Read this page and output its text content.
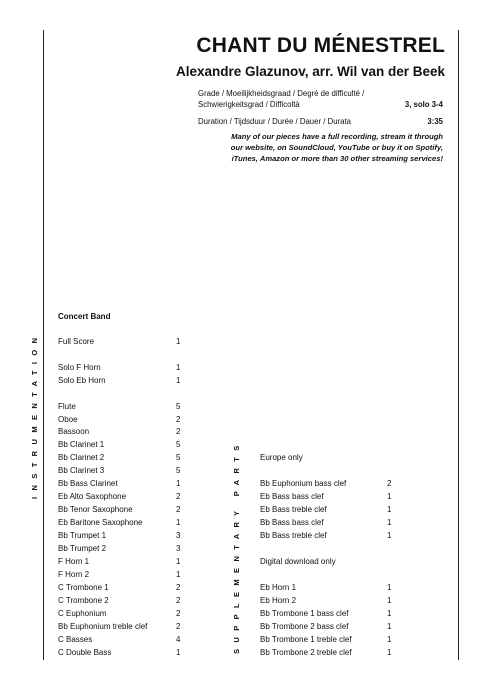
CHANT DU MÉNESTREL
Alexandre Glazunov, arr. Wil van der Beek
Grade / Moeilijkheidsgraad / Degré de difficulté /
Schwierigkeitsgrad / Difficoltà	3, solo 3-4
Duration / Tijdsduur / Durée / Dauer / Durata	3:35
Many of our pieces have a full recording, stream it through
our website, on SoundCloud, YouTube or buy it on Spotify,
iTunes, Amazon or more than 30 other streaming services!
INSTRUMENTATION
SUPPLEMENTARY PARTS
Concert Band
Full Score	1
Solo F Horn	1
Solo Eb Horn	1
Flute	5
Oboe	2
Bassoon	2
Bb Clarinet 1	5
Bb Clarinet 2	5
Bb Clarinet 3	5
Bb Bass Clarinet	1
Eb Alto Saxophone	2
Bb Tenor Saxophone	2
Eb Baritone Saxophone	1
Bb Trumpet 1	3
Bb Trumpet 2	3
F Horn 1	1
F Horn 2	1
C Trombone 1	2
C Trombone 2	2
C Euphonium	2
Bb Euphonium treble clef	2
C Basses	4
C Double Bass	1
Europe only
Bb Euphonium bass clef	2
Eb Bass bass clef	1
Eb Bass treble clef	1
Bb Bass bass clef	1
Bb Bass treble clef	1
Digital download only
Eb Horn 1	1
Eb Horn 2	1
Bb Trombone 1 bass clef	1
Bb Trombone 2 bass clef	1
Bb Trombone 1 treble clef	1
Bb Trombone 2 treble clef	1
